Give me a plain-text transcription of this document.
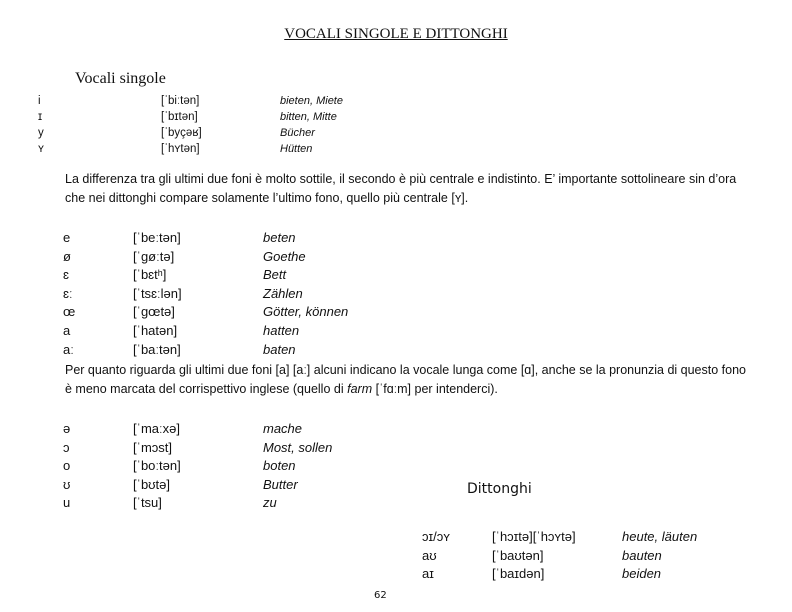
VOCALI SINGOLE E DITTONGHI
Vocali singole
i	[ˈbiːtən]	bieten, Miete
ɪ	[ˈbɪtən]	bitten, Mitte
y	[ˈbyçəʁ]	Bücher
ʏ	[ˈhʏtən]	Hütten
La differenza tra gli ultimi due foni è molto sottile, il secondo è più centrale e indistinto. E’ importante sottolineare sin d’ora che nei dittonghi compare solamente l’ultimo fono, quello più centrale [ʏ].
e	[ˈbeːtən]	beten
ø	[ˈgøːtə]	Goethe
ɛ	[ˈbɛtʰ]	Bett
ɛː	[ˈtsɛːlən]	Zählen
œ	[ˈgœtə]	Götter, können
a	[ˈhatən]	hatten
aː	[ˈbaːtən]	baten
Per quanto riguarda gli ultimi due foni [a] [aː] alcuni indicano la vocale lunga come [ɑ], anche se la pronunzia di questo fono è meno marcata del corrispettivo inglese (quello di farm [ˈfɑːm] per intenderci).
ə	[ˈmaːxə]	mache
ɔ	[ˈmɔst]	Most, sollen
o	[ˈboːtən]	boten
ʊ	[ˈbʊtə]	Butter
u	[ˈtsu]	zu
Dittonghi
ɔɪ/ɔʏ	[ˈhɔɪtə][ˈhɔʏtə]	heute, läuten
aʊ	[ˈbaʊtən]	bauten
aɪ	[ˈbaɪdən]	beiden
62
